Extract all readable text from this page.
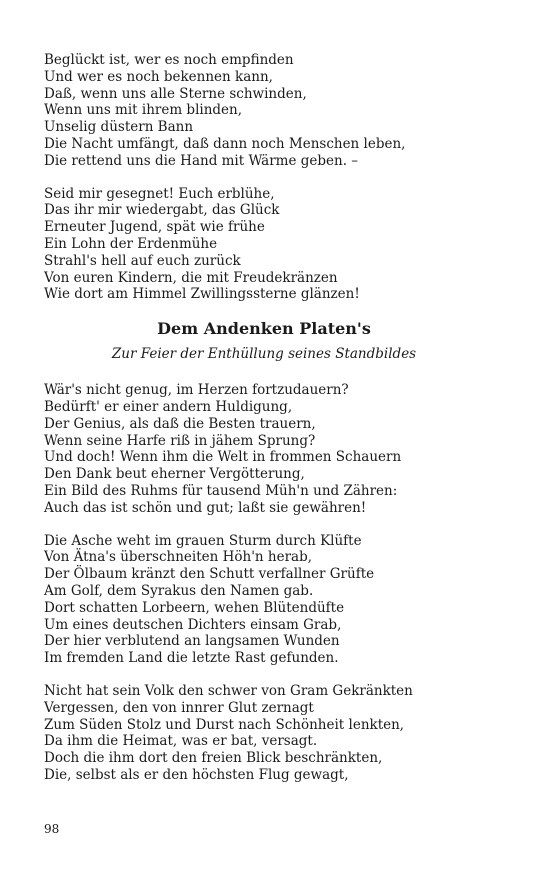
Beglückt ist, wer es noch empfinden
Und wer es noch bekennen kann,
Daß, wenn uns alle Sterne schwinden,
Wenn uns mit ihrem blinden,
Unselig düstern Bann
Die Nacht umfängt, daß dann noch Menschen leben,
Die rettend uns die Hand mit Wärme geben. –
Seid mir gesegnet! Euch erblühe,
Das ihr mir wiedergabt, das Glück
Erneuter Jugend, spät wie frühe
Ein Lohn der Erdenmühe
Strahl's hell auf euch zurück
Von euren Kindern, die mit Freudekränzen
Wie dort am Himmel Zwillingssterne glänzen!
Dem Andenken Platen's
Zur Feier der Enthüllung seines Standbildes
Wär's nicht genug, im Herzen fortzudauern?
Bedürft' er einer andern Huldigung,
Der Genius, als daß die Besten trauern,
Wenn seine Harfe riß in jähem Sprung?
Und doch! Wenn ihm die Welt in frommen Schauern
Den Dank beut eherner Vergötterung,
Ein Bild des Ruhms für tausend Müh'n und Zähren:
Auch das ist schön und gut; laßt sie gewähren!
Die Asche weht im grauen Sturm durch Klüfte
Von Ätna's überschneiten Höh'n herab,
Der Ölbaum kränzt den Schutt verfallner Grüfte
Am Golf, dem Syrakus den Namen gab.
Dort schatten Lorbeern, wehen Blütendüfte
Um eines deutschen Dichters einsam Grab,
Der hier verblutend an langsamen Wunden
Im fremden Land die letzte Rast gefunden.
Nicht hat sein Volk den schwer von Gram Gekränkten
Vergessen, den von innrer Glut zernagt
Zum Süden Stolz und Durst nach Schönheit lenkten,
Da ihm die Heimat, was er bat, versagt.
Doch die ihm dort den freien Blick beschränkten,
Die, selbst als er den höchsten Flug gewagt,
98
